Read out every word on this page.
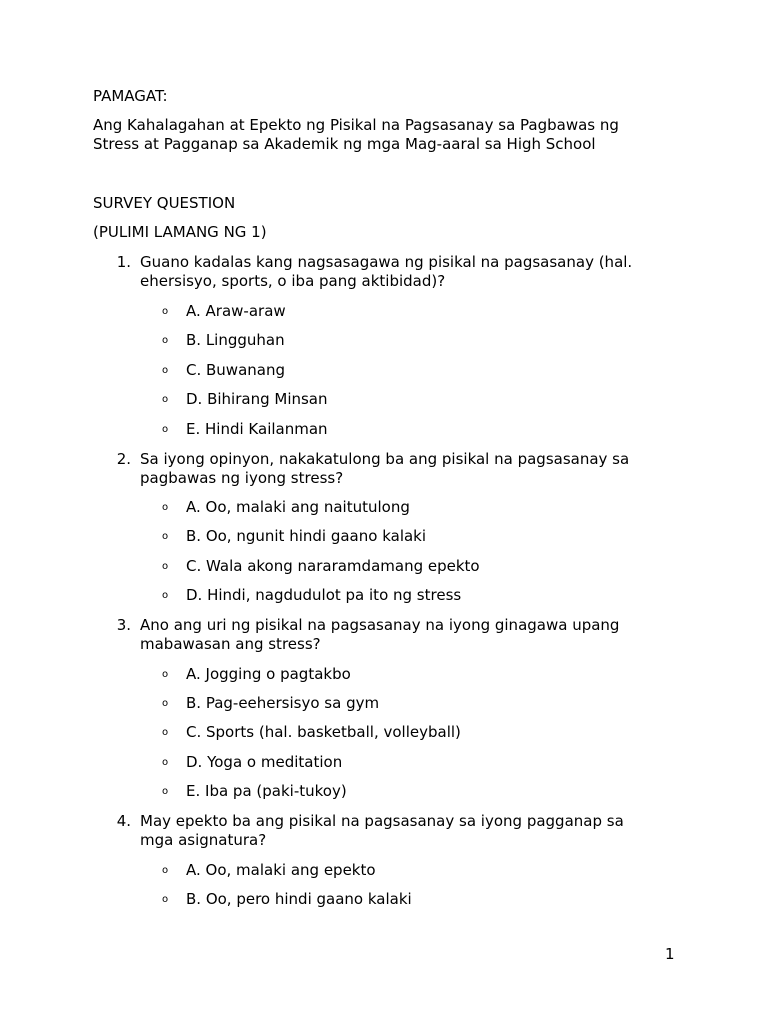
PAMAGAT:
Ang Kahalagahan at Epekto ng Pisikal na Pagsasanay sa Pagbawas ng Stress at Pagganap sa Akademik ng mga Mag-aaral sa High School
SURVEY QUESTION
(PULIMI LAMANG NG 1)
1. Guano kadalas kang nagsasagawa ng pisikal na pagsasanay (hal. ehersisyo, sports, o iba pang aktibidad)?
o A. Araw-araw
o B. Lingguhan
o C. Buwanang
o D. Bihirang Minsan
o E. Hindi Kailanman
2. Sa iyong opinyon, nakakatulong ba ang pisikal na pagsasanay sa pagbawas ng iyong stress?
o A. Oo, malaki ang naitutulong
o B. Oo, ngunit hindi gaano kalaki
o C. Wala akong nararamdamang epekto
o D. Hindi, nagdudulot pa ito ng stress
3. Ano ang uri ng pisikal na pagsasanay na iyong ginagawa upang mabawasan ang stress?
o A. Jogging o pagtakbo
o B. Pag-eehersisyo sa gym
o C. Sports (hal. basketball, volleyball)
o D. Yoga o meditation
o E. Iba pa (paki-tukoy)
4. May epekto ba ang pisikal na pagsasanay sa iyong pagganap sa mga asignatura?
o A. Oo, malaki ang epekto
o B. Oo, pero hindi gaano kalaki
1
